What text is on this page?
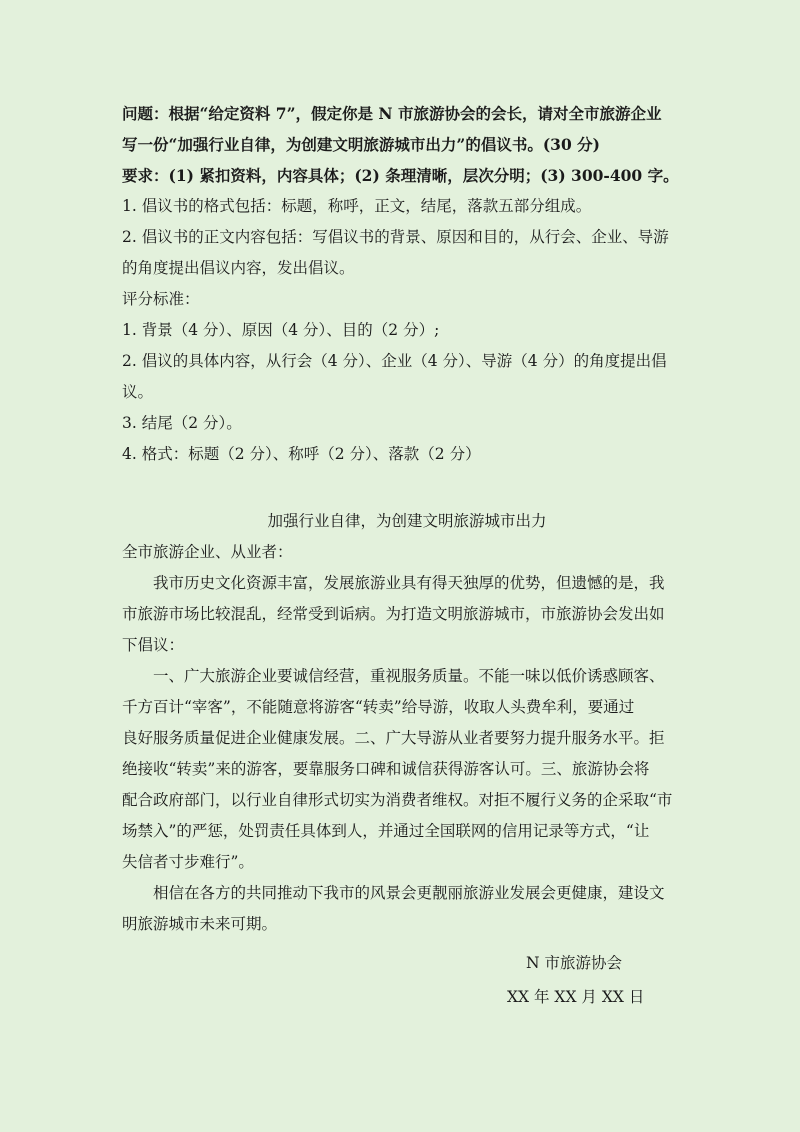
问题：根据“给定资料 7”，假定你是 N 市旅游协会的会长，请对全市旅游企业
写一份“加强行业自律，为创建文明旅游城市出力”的倡议书。(30 分)
要求：(1) 紧扣资料，内容具体；(2) 条理清晰，层次分明；(3) 300-400 字。
1. 倡议书的格式包括：标题，称呼，正文，结尾，落款五部分组成。
2. 倡议书的正文内容包括：写倡议书的背景、原因和目的，从行会、企业、导游
的角度提出倡议内容，发出倡议。
评分标准：
1. 背景（4 分）、原因（4 分）、目的（2 分）;
2. 倡议的具体内容，从行会（4 分）、企业（4 分）、导游（4 分）的角度提出倡
议。
3. 结尾（2 分）。
4. 格式：标题（2 分）、称呼（2 分）、落款（2 分）
加强行业自律，为创建文明旅游城市出力
全市旅游企业、从业者：
我市历史文化资源丰富，发展旅游业具有得天独厚的优势，但遗憾的是，我
市旅游市场比较混乱，经常受到诟病。为打造文明旅游城市，市旅游协会发出如
下倡议：
一、广大旅游企业要诚信经营，重视服务质量。不能一味以低价诱惑顾客、
千方百计“宰客”，不能随意将游客“转卖”给导游，收取人头费牟利，要通过
良好服务质量促进企业健康发展。二、广大导游从业者要努力提升服务水平。拒
绝接收“转卖”来的游客，要靠服务口碑和诚信获得游客认可。三、旅游协会将
配合政府部门，以行业自律形式切实为消费者维权。对拒不履行义务的企采取“市
场禁入”的严惩，处罚责任具体到人，并通过全国联网的信用记录等方式，“让
失信者寸步难行”。
相信在各方的共同推动下我市的风景会更靓丽旅游业发展会更健康，建设文
明旅游城市未来可期。
N 市旅游协会
XX 年 XX 月 XX 日
